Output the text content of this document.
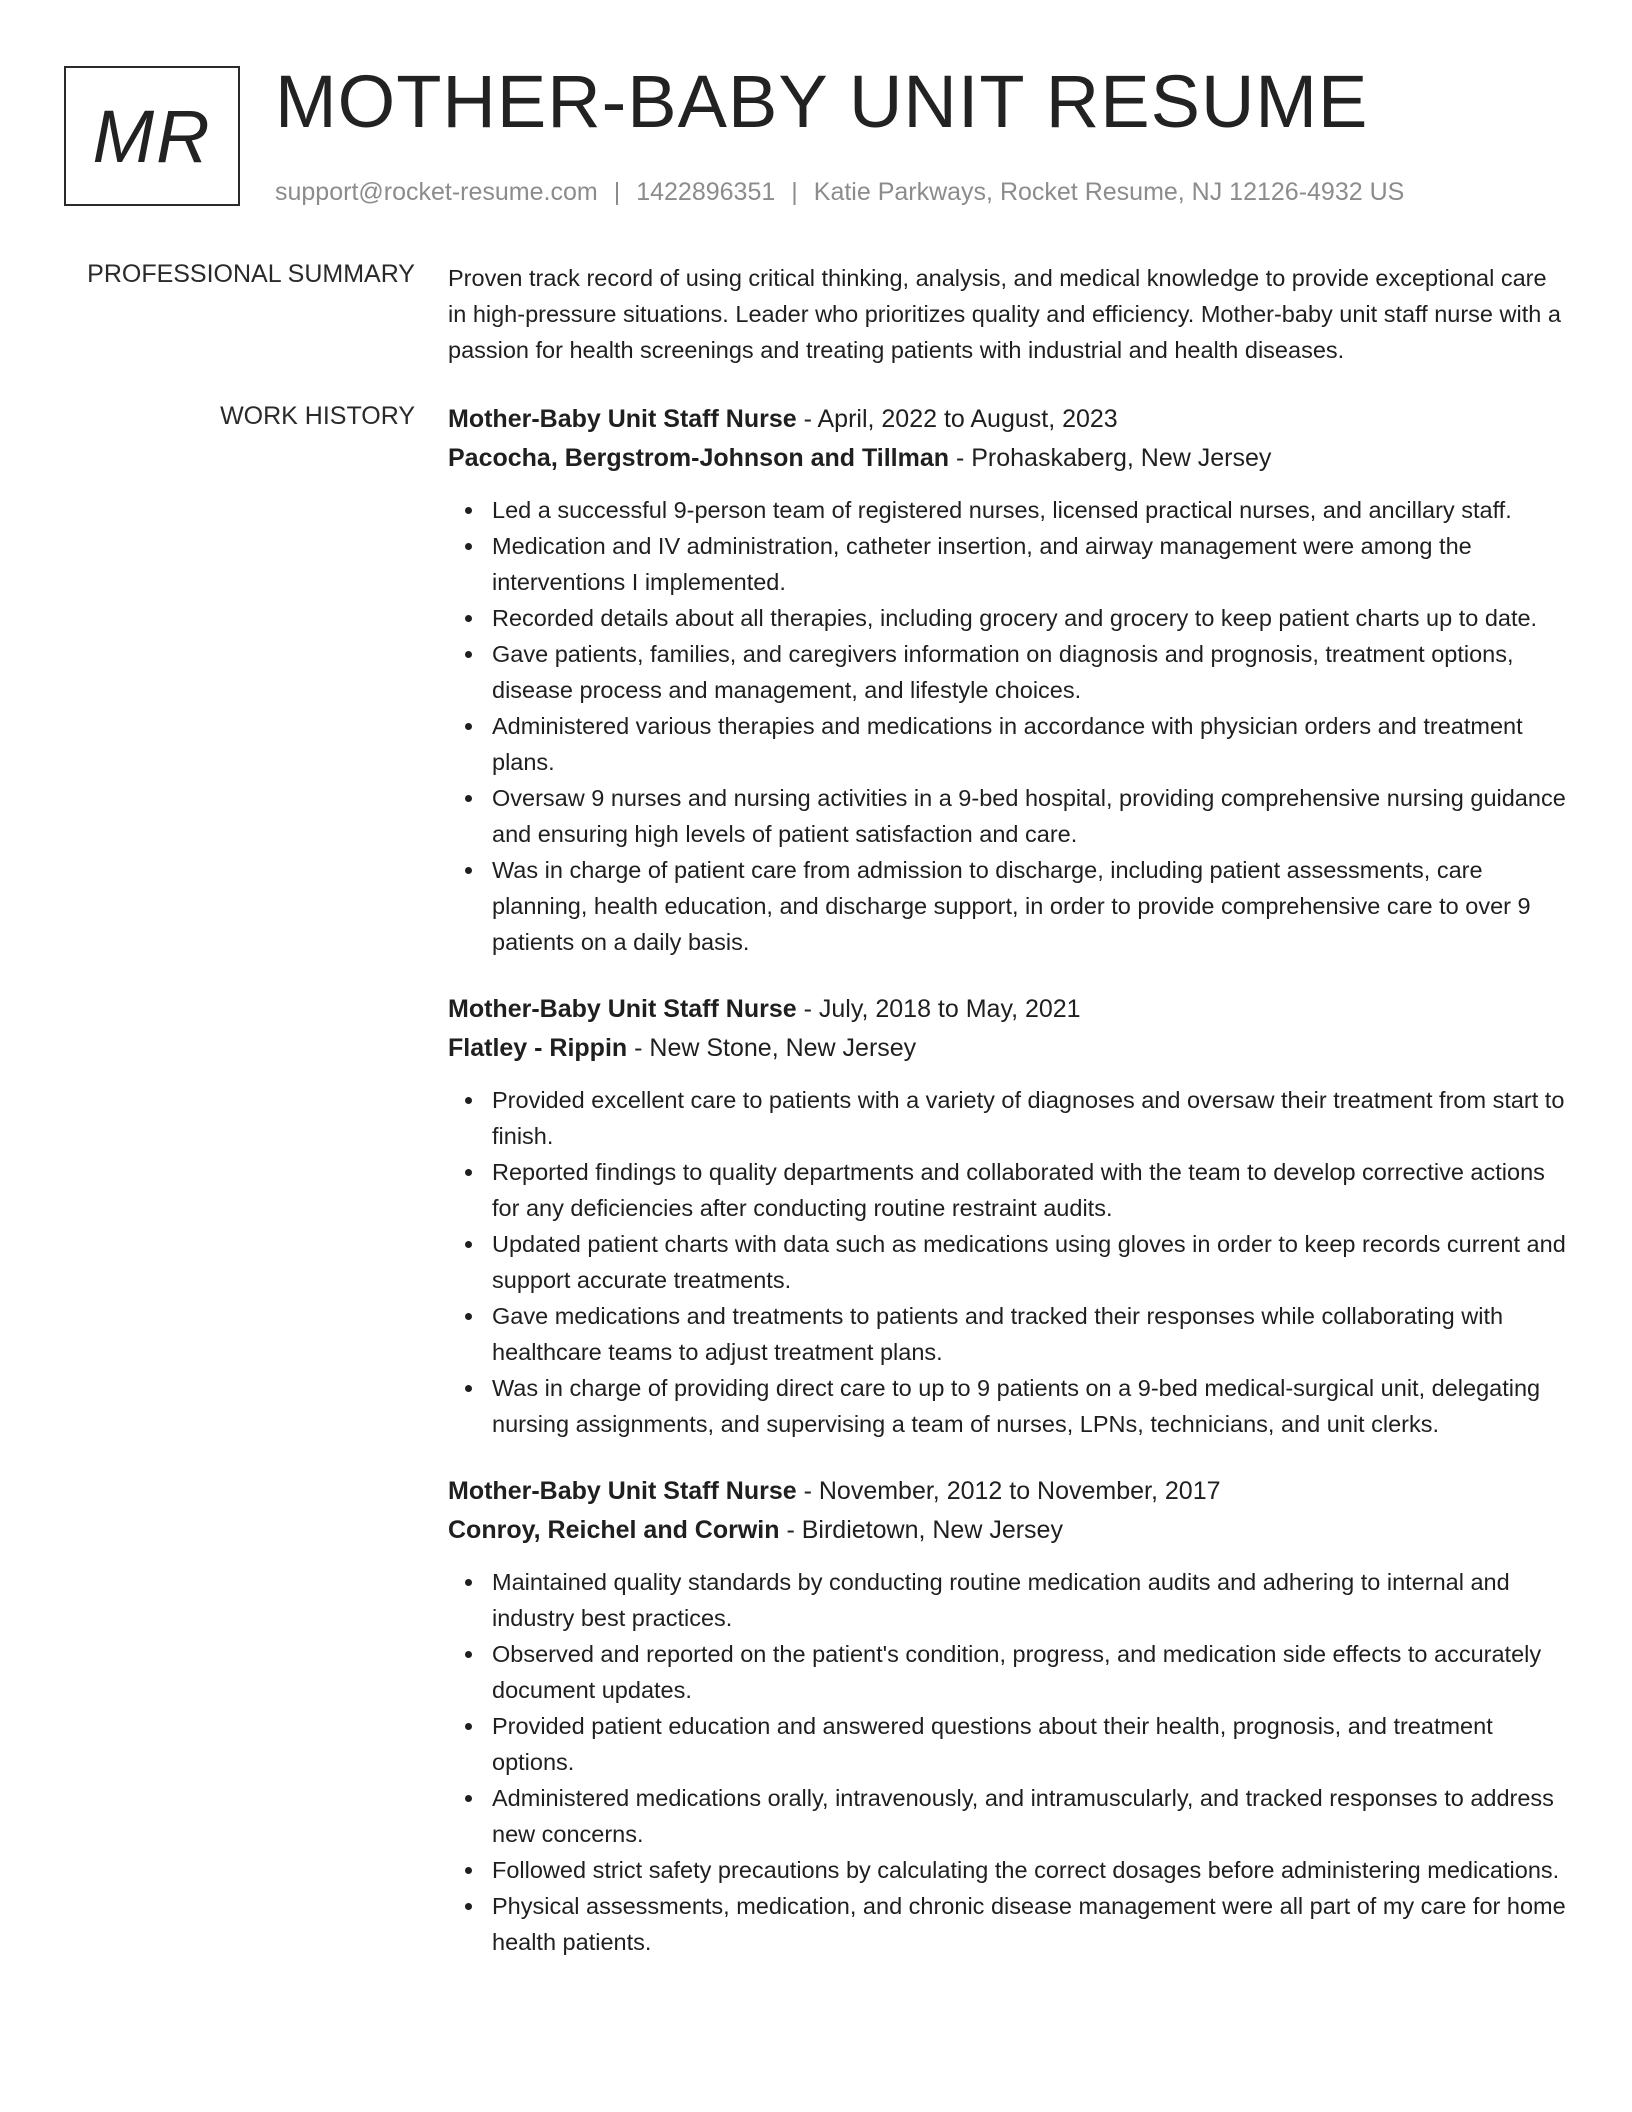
MR MOTHER-BABY UNIT RESUME
support@rocket-resume.com | 1422896351 | Katie Parkways, Rocket Resume, NJ 12126-4932 US
PROFESSIONAL SUMMARY Proven track record of using critical thinking, analysis, and medical knowledge to provide exceptional care in high-pressure situations. Leader who prioritizes quality and efficiency. Mother-baby unit staff nurse with a passion for health screenings and treating patients with industrial and health diseases.
WORK HISTORY Mother-Baby Unit Staff Nurse - April, 2022 to August, 2023
Pacocha, Bergstrom-Johnson and Tillman - Prohaskaberg, New Jersey
Led a successful 9-person team of registered nurses, licensed practical nurses, and ancillary staff.
Medication and IV administration, catheter insertion, and airway management were among the interventions I implemented.
Recorded details about all therapies, including grocery and grocery to keep patient charts up to date.
Gave patients, families, and caregivers information on diagnosis and prognosis, treatment options, disease process and management, and lifestyle choices.
Administered various therapies and medications in accordance with physician orders and treatment plans.
Oversaw 9 nurses and nursing activities in a 9-bed hospital, providing comprehensive nursing guidance and ensuring high levels of patient satisfaction and care.
Was in charge of patient care from admission to discharge, including patient assessments, care planning, health education, and discharge support, in order to provide comprehensive care to over 9 patients on a daily basis.
Mother-Baby Unit Staff Nurse - July, 2018 to May, 2021
Flatley - Rippin - New Stone, New Jersey
Provided excellent care to patients with a variety of diagnoses and oversaw their treatment from start to finish.
Reported findings to quality departments and collaborated with the team to develop corrective actions for any deficiencies after conducting routine restraint audits.
Updated patient charts with data such as medications using gloves in order to keep records current and support accurate treatments.
Gave medications and treatments to patients and tracked their responses while collaborating with healthcare teams to adjust treatment plans.
Was in charge of providing direct care to up to 9 patients on a 9-bed medical-surgical unit, delegating nursing assignments, and supervising a team of nurses, LPNs, technicians, and unit clerks.
Mother-Baby Unit Staff Nurse - November, 2012 to November, 2017
Conroy, Reichel and Corwin - Birdietown, New Jersey
Maintained quality standards by conducting routine medication audits and adhering to internal and industry best practices.
Observed and reported on the patient's condition, progress, and medication side effects to accurately document updates.
Provided patient education and answered questions about their health, prognosis, and treatment options.
Administered medications orally, intravenously, and intramuscularly, and tracked responses to address new concerns.
Followed strict safety precautions by calculating the correct dosages before administering medications.
Physical assessments, medication, and chronic disease management were all part of my care for home health patients.
